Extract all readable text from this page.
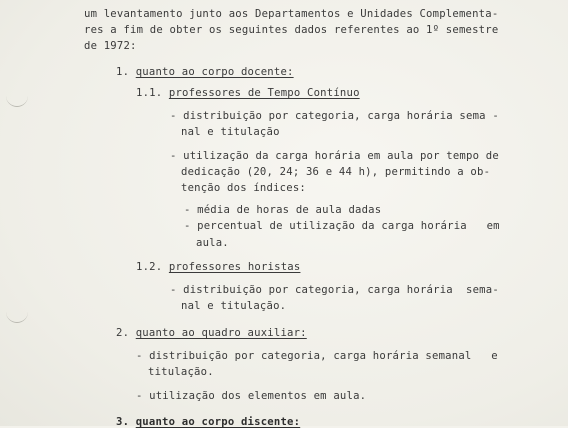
um levantamento junto aos Departamentos e Unidades Complementa-
res a fim de obter os seguintes dados referentes ao 1º semestre
de 1972:
1. quanto ao corpo docente:
1.1. professores de Tempo Contínuo
- distribuição por categoria, carga horária sema -
nal e titulação
- utilização da carga horária em aula por tempo de
dedicação (20, 24; 36 e 44 h), permitindo a ob-
tenção dos índices:
- média de horas de aula dadas
- percentual de utilização da carga horária   em
aula.
1.2. professores horistas
- distribuição por categoria, carga horária  sema-
nal e titulação.
2. quanto ao quadro auxiliar:
- distribuição por categoria, carga horária semanal   e
titulação.
- utilização dos elementos em aula.
3. quanto ao corpo discente:
